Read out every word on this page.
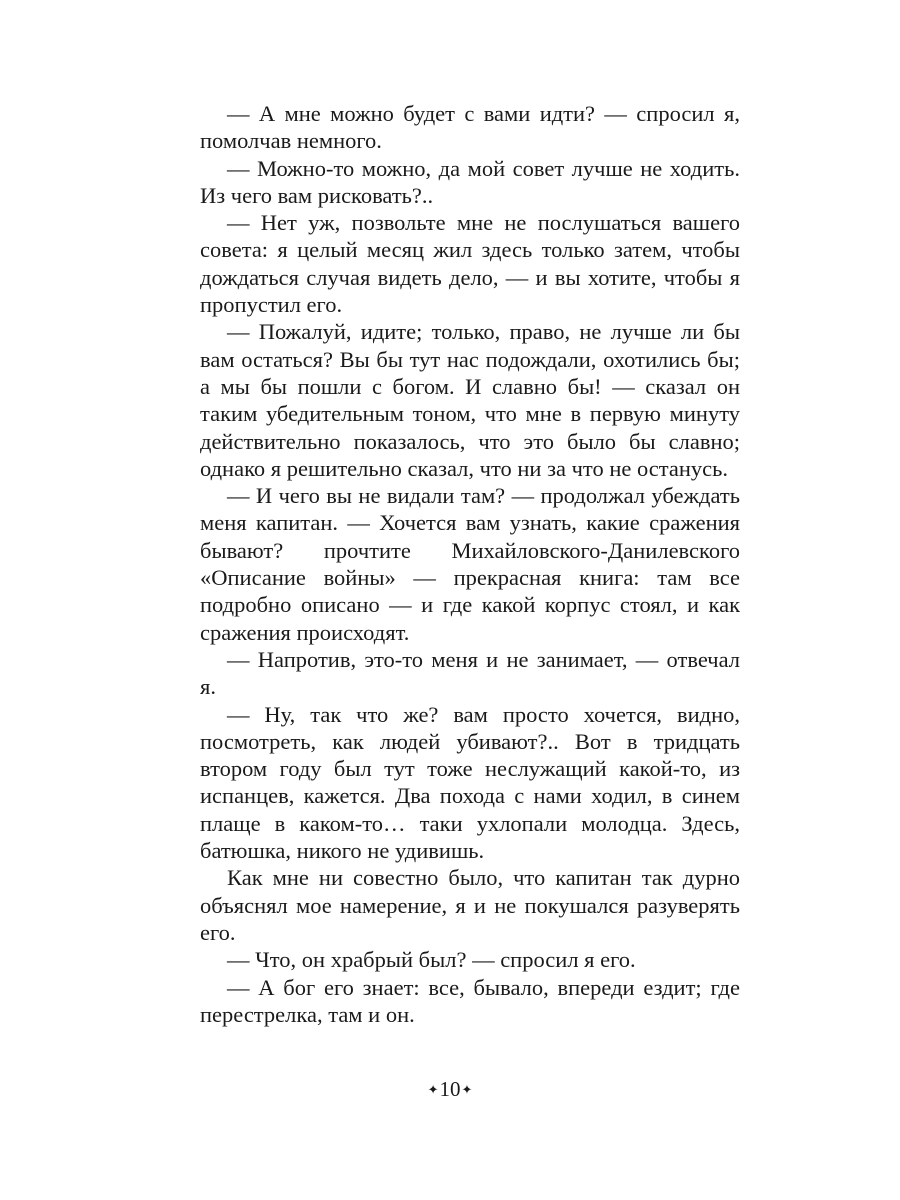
— А мне можно будет с вами идти? — спросил я, помолчав немного.

— Можно-то можно, да мой совет лучше не ходить. Из чего вам рисковать?..

— Нет уж, позвольте мне не послушаться вашего совета: я целый месяц жил здесь только затем, чтобы дождаться случая видеть дело, — и вы хотите, чтобы я пропустил его.

— Пожалуй, идите; только, право, не лучше ли бы вам остаться? Вы бы тут нас подождали, охотились бы; а мы бы пошли с богом. И славно бы! — сказал он таким убедительным тоном, что мне в первую минуту действительно показалось, что это было бы славно; однако я решительно сказал, что ни за что не останусь.

— И чего вы не видали там? — продолжал убеждать меня капитан. — Хочется вам узнать, какие сражения бывают? прочтите Михайловского-Данилевского «Описание войны» — прекрасная книга: там все подробно описано — и где какой корпус стоял, и как сражения происходят.

— Напротив, это-то меня и не занимает, — отвечал я.

— Ну, так что же? вам просто хочется, видно, посмотреть, как людей убивают?.. Вот в тридцать втором году был тут тоже неслужащий какой-то, из испанцев, кажется. Два похода с нами ходил, в синем плаще в каком-то… таки ухлопали молодца. Здесь, батюшка, никого не удивишь.

Как мне ни совестно было, что капитан так дурно объяснял мое намерение, я и не покушался разуверять его.

— Что, он храбрый был? — спросил я его.

— А бог его знает: все, бывало, впереди ездит; где перестрелка, там и он.

✦10✦
